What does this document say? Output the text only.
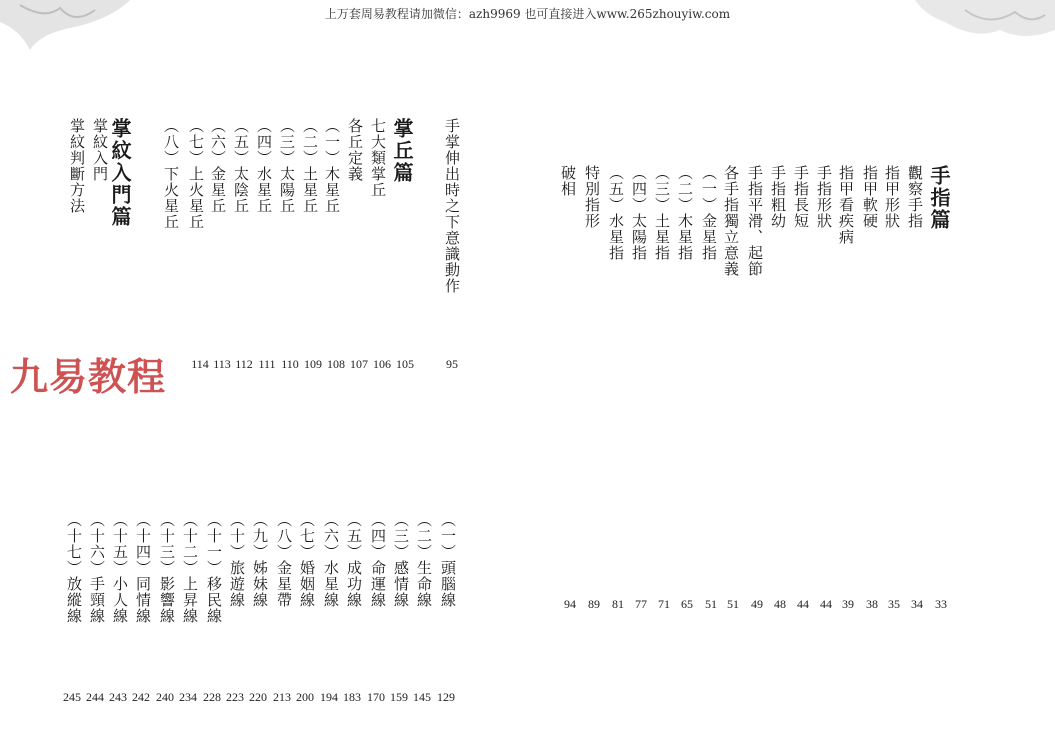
上万套周易教程请加微信：azh9969 也可直接进入www.265zhouyiw.com
手掌伸出時之下意識動作
掌丘篇
七大類掌丘
各丘定義
（一）木星丘
（二）土星丘
（三）太陽丘
（四）水星丘
（五）太陰丘
（六）金星丘
（七）上火星丘
（八）下火星丘
掌紋入門篇
掌紋入門
掌紋判斷方法
95
105
106
107
108
109
110
111
112
113
114
（一）頭腦線
（二）生命線
（三）感情線
（四）命運線
（五）成功線
（六）水星線
（七）婚姻線
（八）金星帶
（九）姊妹線
（十）旅遊線
（十一）移民線
（十二）上昇線
（十三）影響線
（十四）同情線
（十五）小人線
（十六）手頸線
（十七）放縱線
129
145
159
170
183
194
200
213
220
223
228
234
240
242
243
244
245
手指篇
觀察手指
指甲形狀
指甲軟硬
指甲看疾病
手指形狀
手指長短
手指粗幼
手指平滑、起節
各手指獨立意義
（一）金星指
（二）木星指
（三）土星指
（四）太陽指
（五）水星指
特別指形
破相
33
34
35
38
39
44
44
48
49
51
51
65
71
77
81
89
94
九易教程
